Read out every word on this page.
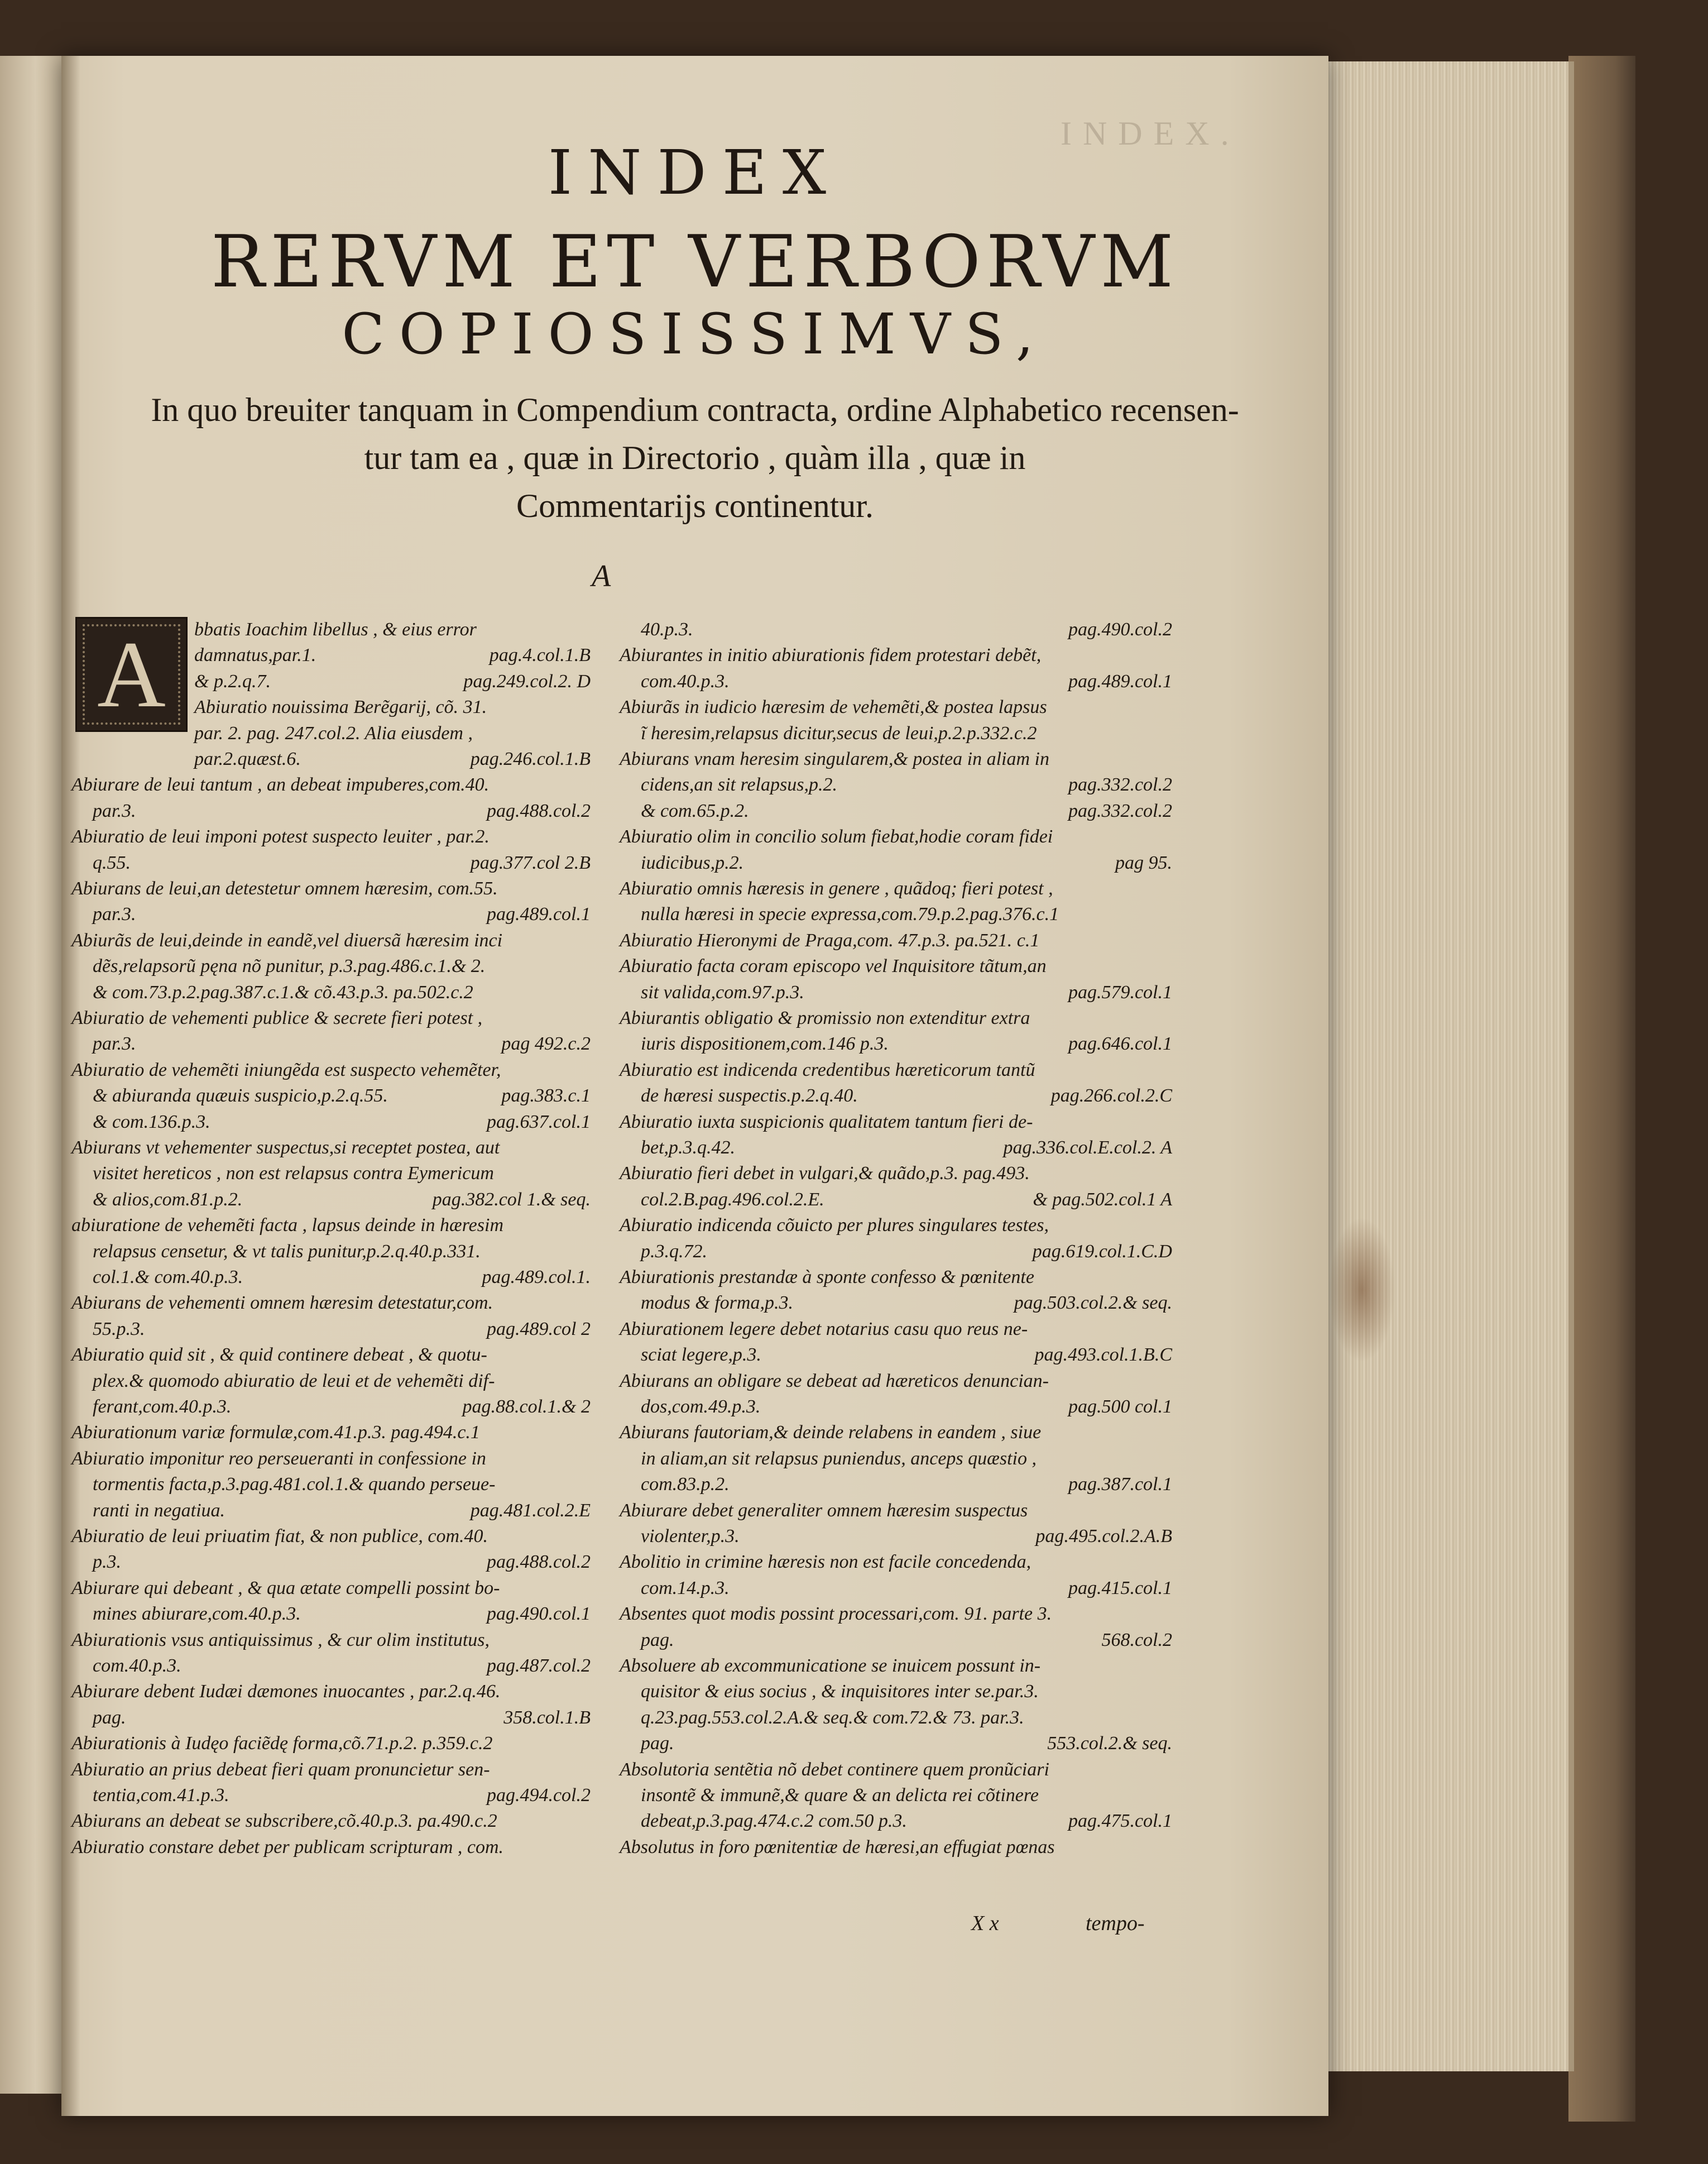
INDEX.
INDEX
RERVM ET VERBORVM
COPIOSISSIMVS,
In quo breuiter tanquam in Compendium contracta, ordine Alphabetico recensen-
tur tam ea , quæ in Directorio , quàm illa , quæ in
Commentarijs continentur.
A
A	bbatis Ioachim libellus , & eius error
damnatus,par.1.	pag.4.col.1.B
& p.2.q.7.	pag.249.col.2. D
Abiuratio nouissima Berẽgarij, cõ. 31.
par. 2. pag. 247.col.2. Alia eiusdem ,
par.2.quæst.6.	pag.246.col.1.B
Abiurare de leui tantum , an debeat impuberes,com.40.
par.3.	pag.488.col.2
Abiuratio de leui imponi potest suspecto leuiter , par.2.
q.55.	pag.377.col 2.B
Abiurans de leui,an detestetur omnem hæresim, com.55.
par.3.	pag.489.col.1
Abiurãs de leui,deinde in eandẽ,vel diuersã hæresim inci
dẽs,relapsorũ pęna nõ punitur, p.3.pag.486.c.1.& 2.
& com.73.p.2.pag.387.c.1.& cõ.43.p.3. pa.502.c.2
Abiuratio de vehementi publice & secrete fieri potest ,
par.3.	pag 492.c.2
Abiuratio de vehemẽti iniungẽda est suspecto vehemẽter,
& abiuranda quæuis suspicio,p.2.q.55.	pag.383.c.1
& com.136.p.3.	pag.637.col.1
Abiurans vt vehementer suspectus,si receptet postea, aut
visitet hereticos , non est relapsus contra Eymericum
& alios,com.81.p.2.	pag.382.col 1.& seq.
abiuratione de vehemẽti facta , lapsus deinde in hæresim
relapsus censetur, & vt talis punitur,p.2.q.40.p.331.
col.1.& com.40.p.3.	pag.489.col.1.
Abiurans de vehementi omnem hæresim detestatur,com.
55.p.3.	pag.489.col 2
Abiuratio quid sit , & quid continere debeat , & quotu-
plex.& quomodo abiuratio de leui et de vehemẽti dif-
ferant,com.40.p.3.	pag.88.col.1.& 2
Abiurationum variæ formulæ,com.41.p.3. pag.494.c.1
Abiuratio imponitur reo perseueranti in confessione in
tormentis facta,p.3.pag.481.col.1.& quando perseue-
ranti in negatiua.	pag.481.col.2.E
Abiuratio de leui priuatim fiat, & non publice, com.40.
p.3.	pag.488.col.2
Abiurare qui debeant , & qua ætate compelli possint bo-
mines abiurare,com.40.p.3.	pag.490.col.1
Abiurationis vsus antiquissimus , & cur olim institutus,
com.40.p.3.	pag.487.col.2
Abiurare debent Iudæi dæmones inuocantes , par.2.q.46.
pag.	358.col.1.B
Abiurationis à Iudęo faciẽdę forma,cõ.71.p.2. p.359.c.2
Abiuratio an prius debeat fieri quam pronuncietur sen-
tentia,com.41.p.3.	pag.494.col.2
Abiurans an debeat se subscribere,cõ.40.p.3. pa.490.c.2
Abiuratio constare debet per publicam scripturam , com.
40.p.3.	pag.490.col.2
Abiurantes in initio abiurationis fidem protestari debẽt,
com.40.p.3.	pag.489.col.1
Abiurãs in iudicio hæresim de vehemẽti,& postea lapsus
ĩ heresim,relapsus dicitur,secus de leui,p.2.p.332.c.2
Abiurans vnam heresim singularem,& postea in aliam in
cidens,an sit relapsus,p.2.	pag.332.col.2
& com.65.p.2.	pag.332.col.2
Abiuratio olim in concilio solum fiebat,hodie coram fidei
iudicibus,p.2.	pag 95.
Abiuratio omnis hæresis in genere , quãdoq; fieri potest ,
nulla hæresi in specie expressa,com.79.p.2.pag.376.c.1
Abiuratio Hieronymi de Praga,com. 47.p.3. pa.521. c.1
Abiuratio facta coram episcopo vel Inquisitore tãtum,an
sit valida,com.97.p.3.	pag.579.col.1
Abiurantis obligatio & promissio non extenditur extra
iuris dispositionem,com.146 p.3.	pag.646.col.1
Abiuratio est indicenda credentibus hæreticorum tantũ
de hæresi suspectis.p.2.q.40.	pag.266.col.2.C
Abiuratio iuxta suspicionis qualitatem tantum fieri de-
bet,p.3.q.42.	pag.336.col.E.col.2. A
Abiuratio fieri debet in vulgari,& quãdo,p.3. pag.493.
col.2.B.pag.496.col.2.E.	& pag.502.col.1 A
Abiuratio indicenda cõuicto per plures singulares testes,
p.3.q.72.	pag.619.col.1.C.D
Abiurationis prestandæ à sponte confesso & pœnitente
modus & forma,p.3.	pag.503.col.2.& seq.
Abiurationem legere debet notarius casu quo reus ne-
sciat legere,p.3.	pag.493.col.1.B.C
Abiurans an obligare se debeat ad hæreticos denuncian-
dos,com.49.p.3.	pag.500 col.1
Abiurans fautoriam,& deinde relabens in eandem , siue
in aliam,an sit relapsus puniendus, anceps quæstio ,
com.83.p.2.	pag.387.col.1
Abiurare debet generaliter omnem hæresim suspectus
violenter,p.3.	pag.495.col.2.A.B
Abolitio in crimine hæresis non est facile concedenda,
com.14.p.3.	pag.415.col.1
Absentes quot modis possint processari,com. 91. parte 3.
pag.	568.col.2
Absoluere ab excommunicatione se inuicem possunt in-
quisitor & eius socius , & inquisitores inter se.par.3.
q.23.pag.553.col.2.A.& seq.& com.72.& 73. par.3.
pag.	553.col.2.& seq.
Absolutoria sentẽtia nõ debet continere quem pronũciari
insontẽ & immunẽ,& quare & an delicta rei cõtinere
debeat,p.3.pag.474.c.2 com.50 p.3.	pag.475.col.1
Absolutus in foro pœnitentiæ de hæresi,an effugiat pœnas
X x	tempo-
